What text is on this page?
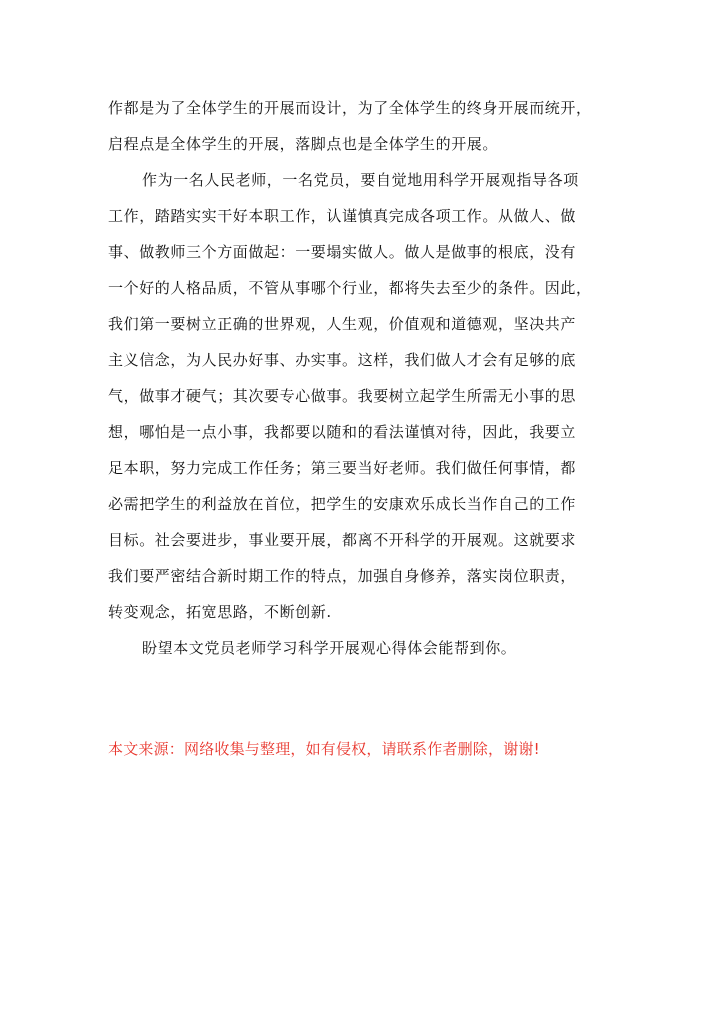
作都是为了全体学生的开展而设计，为了全体学生的终身开展而统开，
启程点是全体学生的开展，落脚点也是全体学生的开展。
作为一名人民老师，一名党员，要自觉地用科学开展观指导各项
工作，踏踏实实干好本职工作，认谨慎真完成各项工作。从做人、做
事、做教师三个方面做起：一要塌实做人。做人是做事的根底，没有
一个好的人格品质，不管从事哪个行业，都将失去至少的条件。因此，
我们第一要树立正确的世界观，人生观，价值观和道德观，坚决共产
主义信念，为人民办好事、办实事。这样，我们做人才会有足够的底
气，做事才硬气；其次要专心做事。我要树立起学生所需无小事的思
想，哪怕是一点小事，我都要以随和的看法谨慎对待，因此，我要立
足本职，努力完成工作任务；第三要当好老师。我们做任何事情，都
必需把学生的利益放在首位，把学生的安康欢乐成长当作自己的工作
目标。社会要进步，事业要开展，都离不开科学的开展观。这就要求
我们要严密结合新时期工作的特点，加强自身修养，落实岗位职责，
转变观念，拓宽思路，不断创新.
盼望本文党员老师学习科学开展观心得体会能帮到你。
本文来源：网络收集与整理，如有侵权，请联系作者删除，谢谢!
